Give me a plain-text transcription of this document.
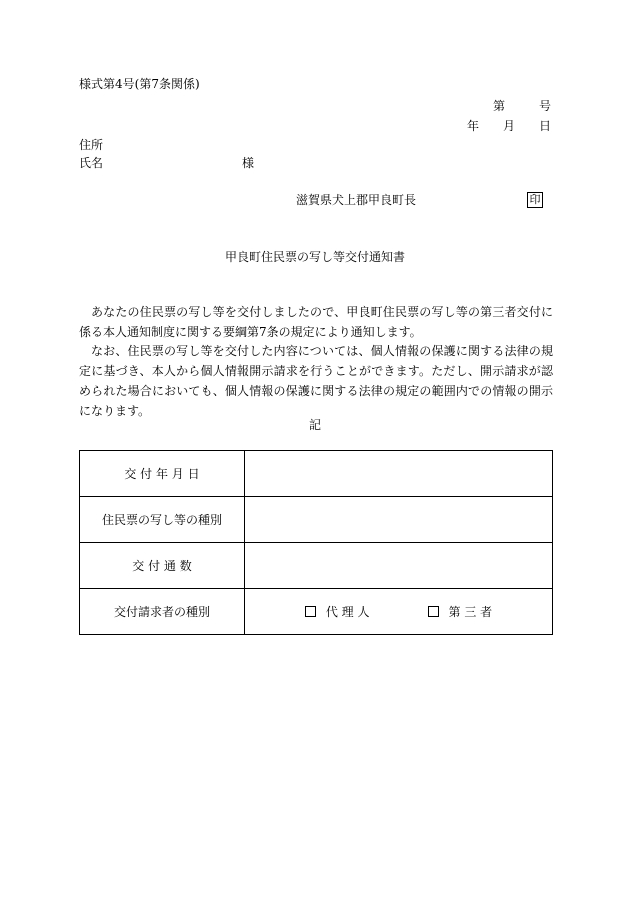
様式第4号(第7条関係)
第	号
年 月 日
住所
氏名	様
滋賀県犬上郡甲良町長	印
甲良町住民票の写し等交付通知書

あなたの住民票の写し等を交付しましたので、甲良町住民票の写し等の第三者交付に係る本人通知制度に関する要綱第7条の規定により通知します。

なお、住民票の写し等を交付した内容については、個人情報の保護に関する法律の規定に基づき、本人から個人情報開示請求を行うことができます。ただし、開示請求が認められた場合においても、個人情報の保護に関する法律の規定の範囲内での情報の開示になります。

記
交 付 年 月 日	
住民票の写し等の種別	
交 付 通 数	
交付請求者の種別	代 理 人 第 三 者
